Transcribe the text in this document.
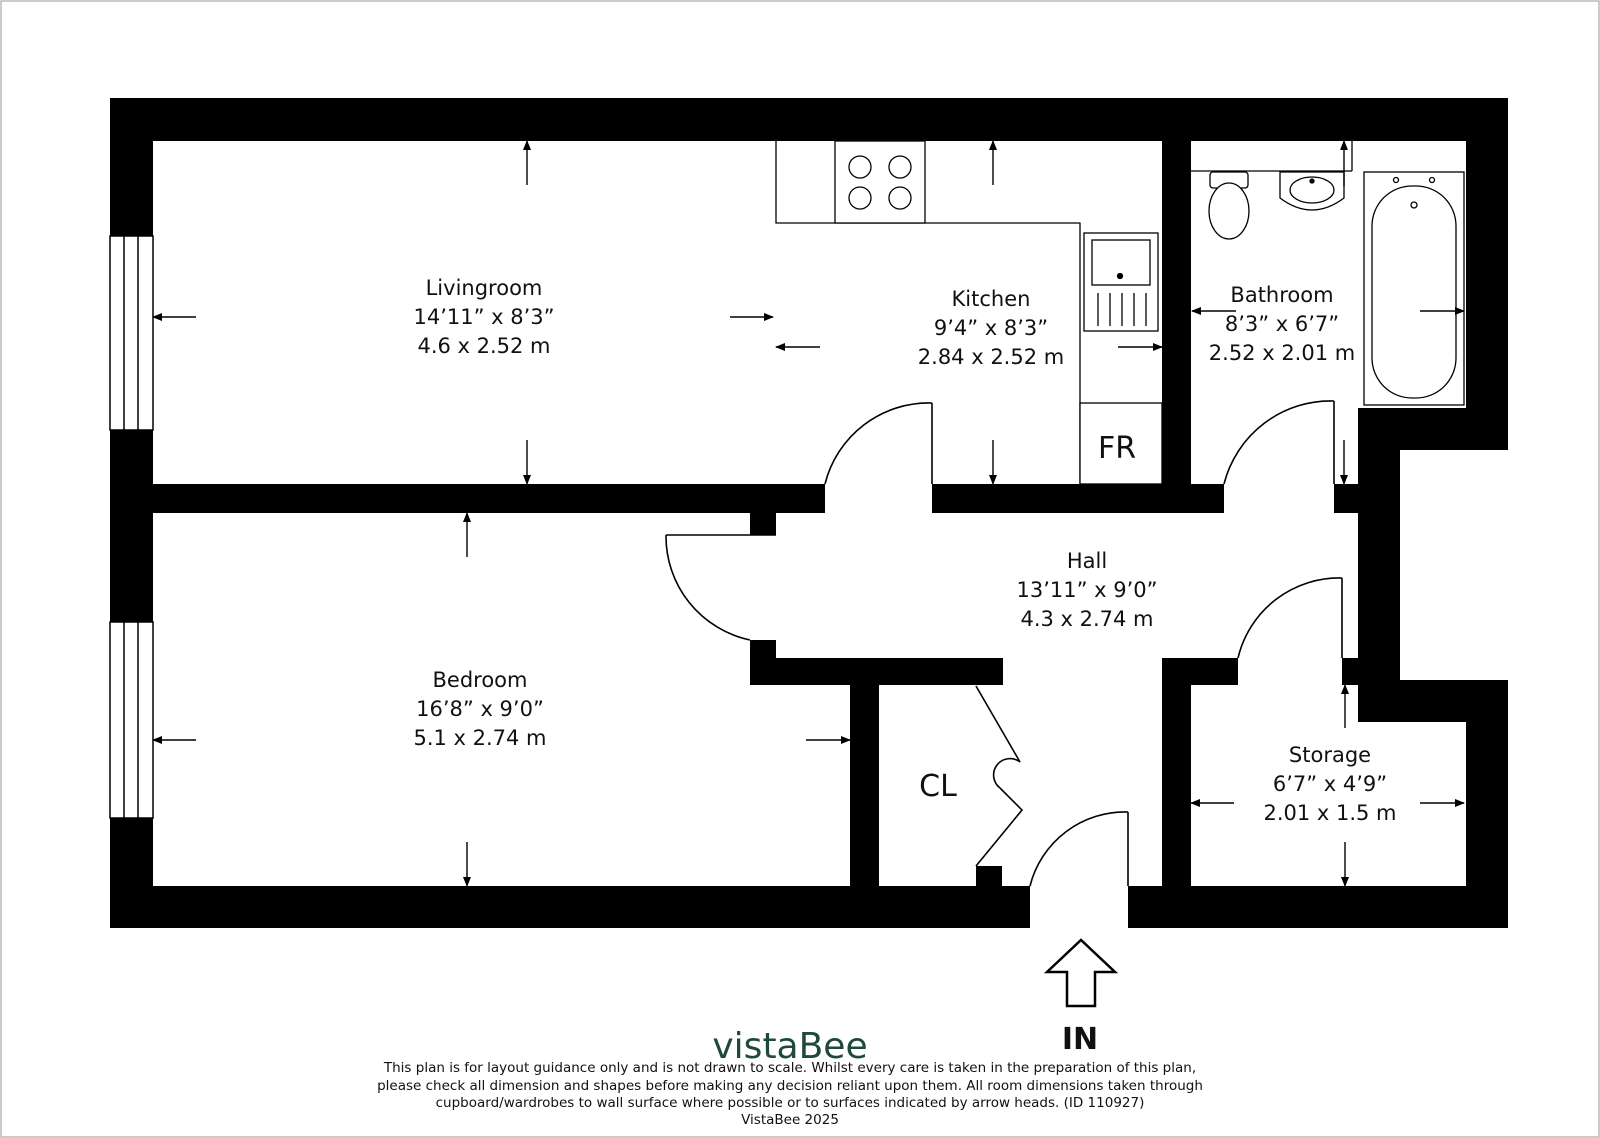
Livingroom
14’11” x 8’3”
4.6 x 2.52 m
Kitchen
9’4” x 8’3”
2.84 x 2.52 m
Bathroom
8’3” x 6’7”
2.52 x 2.01 m
Hall
13’11” x 9’0”
4.3 x 2.74 m
Bedroom
16’8” x 9’0”
5.1 x 2.74 m
Storage
6’7” x 4’9”
2.01 x 1.5 m
FR
CL
IN
vistaBee
This plan is for layout guidance only and is not drawn to scale. Whilst every care is taken in the preparation of this plan,
please check all dimension and shapes before making any decision reliant upon them. All room dimensions taken through
cupboard/wardrobes to wall surface where possible or to surfaces indicated by arrow heads. (ID 110927)
VistaBee 2025
